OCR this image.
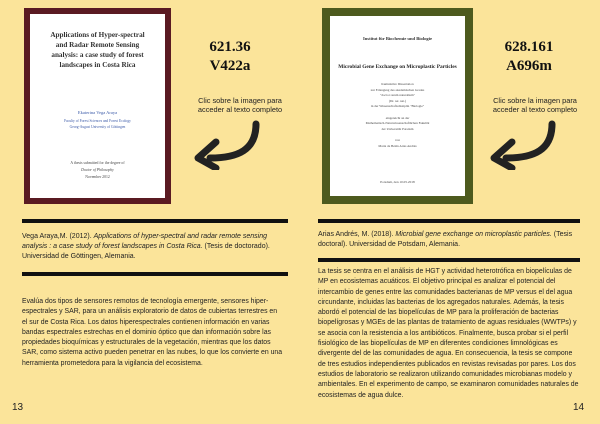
Applications of Hyper-spectral
and Radar Remote Sensing
analysis: a case study of forest
landscapes in Costa Rica
Ekaterina Vega Araya
Faculty of Forest Sciences and Forest Ecology
Georg-August University of Göttingen
A thesis submitted for the degree of
Doctor of Philosophy
November 2012
621.36
V422a
Clic sobre la imagen para
acceder al texto completo
Vega Araya,M. (2012). Applications of hyper-spectral and radar remote sensing analysis : a case study of forest landscapes in Costa Rica. (Tesis de doctorado). Universidad de Göttingen, Alemania.
Evalúa dos tipos de sensores remotos de tecnología emergente, sensores hiper-espectrales y SAR, para un análisis exploratorio de datos de cubiertas terrestres en el sur de Costa Rica. Los datos hiperespectrales contienen información en varias bandas espectrales estrechas en el dominio óptico que dan información sobre las propiedades bioquímicas y estructurales de la vegetación, mientras que los datos SAR, como sistema activo pueden penetrar en las nubes, lo que los convierte en una herramienta prometedora para la vigilancia del ecosistema.
13
Institut für Biochemie und Biologie
Microbial Gene Exchange on Microplastic Particles
Kumulative Dissertation
zur Erlangung des akademischen Grades
"doctor rerum naturalium"
(Dr. rer. nat.)
in der Wissenschaftsdisziplin "Biologie"

eingereicht an der
Mathematisch-Naturwissenschaftlichen Fakultät
der Universität Potsdam

von
Maria de Belén Arias Andrés
Potsdam, den 10.05.2018
628.161
A696m
Clic sobre la imagen para
acceder al texto completo
Arias Andrés, M. (2018). Microbial gene exchange on microplastic particles. (Tesis doctoral). Universidad de Potsdam, Alemania.
La tesis se centra en el análisis de HGT y actividad heterotrófica en biopelículas de MP en ecosistemas acuáticos. El objetivo principal es analizar el potencial del intercambio de genes entre las comunidades bacterianas de MP versus el del agua circundante, incluidas las bacterias de los agregados naturales. Además, la tesis abordó el potencial de las biopelículas de MP para la proliferación de bacterias biopelígrosas y MGEs de las plantas de tratamiento de aguas residuales (WWTPs) y se asocia con la resistencia a los antibióticos. Finalmente, busca probar si el perfil fisiológico de las biopelículas de MP en diferentes condiciones limnológicas es divergente del de las comunidades de agua. En consecuencia, la tesis se compone de tres estudios independientes publicados en revistas revisadas por pares. Los dos estudios de laboratorio se realizaron utilizando comunidades microbianas modelo y ambientales. En el experimento de campo, se examinaron comunidades naturales de ecosistemas de agua dulce.
14
